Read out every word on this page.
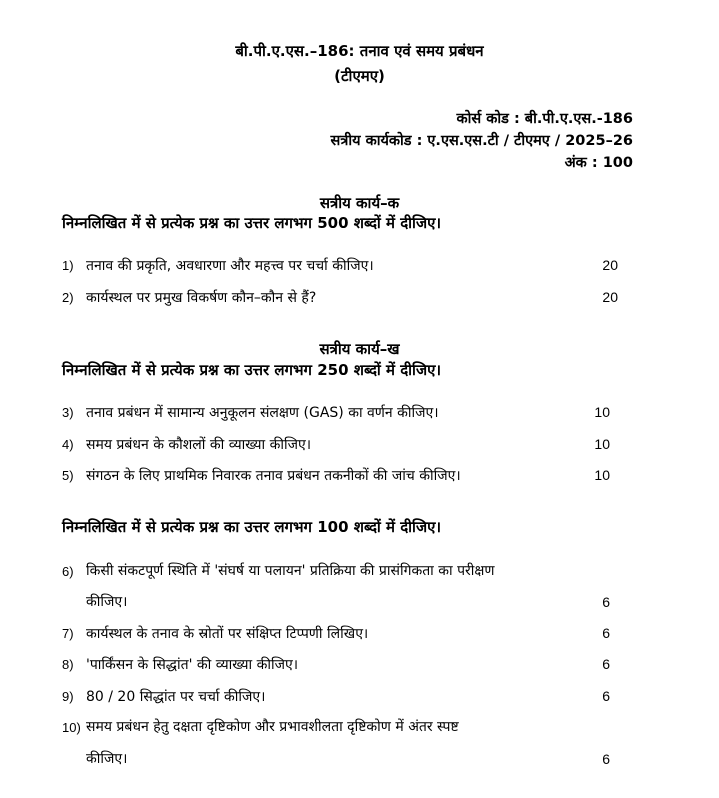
बी.पी.ए.एस.–186: तनाव एवं समय प्रबंधन
(टीएमए)
कोर्स कोड : बी.पी.ए.एस.-186
सत्रीय कार्यकोड : ए.एस.एस.टी / टीएमए / 2025–26
अंक : 100
सत्रीय कार्य–क
निम्नलिखित में से प्रत्येक प्रश्न का उत्तर लगभग 500 शब्दों में दीजिए।
1) तनाव की प्रकृति, अवधारणा और महत्त्व पर चर्चा कीजिए।	20
2) कार्यस्थल पर प्रमुख विकर्षण कौन–कौन से हैं?	20
सत्रीय कार्य–ख
निम्नलिखित में से प्रत्येक प्रश्न का उत्तर लगभग 250 शब्दों में दीजिए।
3) तनाव प्रबंधन में सामान्य अनुकूलन संलक्षण (GAS) का वर्णन कीजिए।	10
4) समय प्रबंधन के कौशलों की व्याख्या कीजिए।	10
5) संगठन के लिए प्राथमिक निवारक तनाव प्रबंधन तकनीकों की जांच कीजिए।	10
निम्नलिखित में से प्रत्येक प्रश्न का उत्तर लगभग 100 शब्दों में दीजिए।
6) किसी संकटपूर्ण स्थिति में 'संघर्ष या पलायन' प्रतिक्रिया की प्रासंगिकता का परीक्षण
कीजिए।	6
7) कार्यस्थल के तनाव के स्रोतों पर संक्षिप्त टिप्पणी लिखिए।	6
8) 'पार्किंसन के सिद्धांत' की व्याख्या कीजिए।	6
9) 80 / 20 सिद्धांत पर चर्चा कीजिए।	6
10) समय प्रबंधन हेतु दक्षता दृष्टिकोण और प्रभावशीलता दृष्टिकोण में अंतर स्पष्ट
कीजिए।	6
